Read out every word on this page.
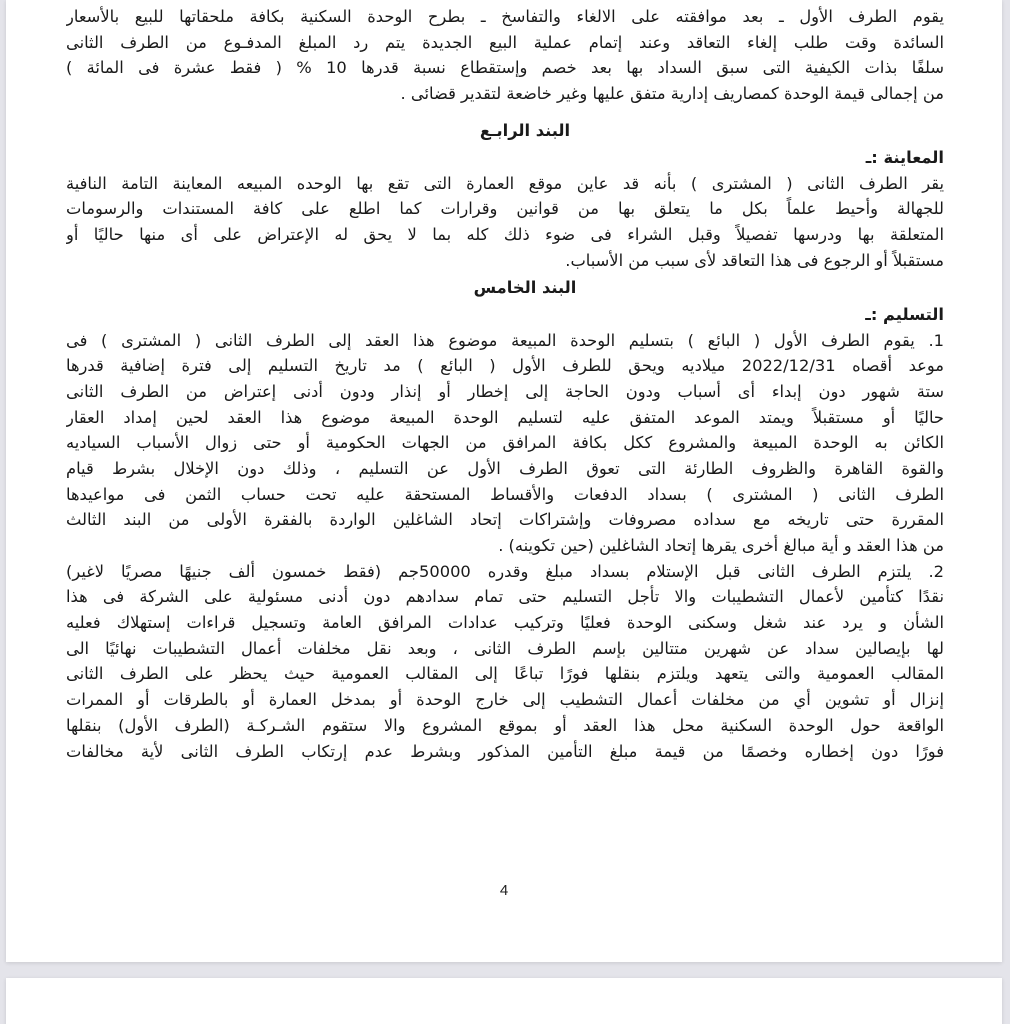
يقوم الطرف الأول ـ بعد موافقته على الالغاء والتفاسخ ـ بطرح الوحدة السكنية بكافة ملحقاتها للبيع بالأسعار
السائدة وقت طلب إلغاء التعاقد وعند إتمام عملية البيع الجديدة يتم رد المبلغ المدفـوع من الطرف الثانى
سلفًا بذات الكيفية التى سبق السداد بها بعد خصم وإستقطاع نسبة قدرها 10 % ( فقط عشرة فى المائة )
من إجمالى قيمة الوحدة كمصاريف إدارية متفق عليها وغير خاضعة لتقدير قضائى .
البند الرابـع
المعاينة :ـ
يقر الطرف الثانى ( المشترى ) بأنه قد عاين موقع العمارة التى تقع بها الوحده المبيعه المعاينة التامة النافية
للجهالة وأحيط علماً بكل ما يتعلق بها من قوانين وقرارات كما اطلع على كافة المستندات والرسومات
المتعلقة بها ودرسها تفصيلاً وقبل الشراء فى ضوء ذلك كله بما لا يحق له الإعتراض على أى منها حاليًا أو
مستقبلاً أو الرجوع فى هذا التعاقد لأى سبب من الأسباب.
البند الخامس
التسليم :ـ
1. يقوم الطرف الأول ( البائع ) بتسليم الوحدة المبيعة موضوع هذا العقد إلى الطرف الثانى ( المشترى ) فى
موعد أقصاه 2022/12/31 ميلاديه ويحق للطرف الأول ( البائع ) مد تاريخ التسليم إلى فترة إضافية قدرها
ستة شهور دون إبداء أى أسباب ودون الحاجة إلى إخطار أو إنذار ودون أدنى إعتراض من الطرف الثانى
حاليًا أو مستقبلاً ويمتد الموعد المتفق عليه لتسليم الوحدة المبيعة موضوع هذا العقد لحين إمداد العقار
الكائن به الوحدة المبيعة والمشروع ككل بكافة المرافق من الجهات الحكومية أو حتى زوال الأسباب السياديه
والقوة القاهرة والظروف الطارئة التى تعوق الطرف الأول عن التسليم ، وذلك دون الإخلال بشرط قيام
الطرف الثانى ( المشترى ) بسداد الدفعات والأقساط المستحقة عليه تحت حساب الثمن فى مواعيدها
المقررة حتى تاريخه مع سداده مصروفات وإشتراكات إتحاد الشاغلين الواردة بالفقرة الأولى من البند الثالث
من هذا العقد و أية مبالغ أخرى يقرها إتحاد الشاغلين (حين تكوينه) .
2. يلتزم الطرف الثانى قبل الإستلام بسداد مبلغ وقدره 50000جم (فقط خمسون ألف جنيهًا مصريًا لاغير)
نقدًا كتأمين لأعمال التشطيبات والا تأجل التسليم حتى تمام سدادهم دون أدنى مسئولية على الشركة فى هذا
الشأن و يرد عند شغل وسكنى الوحدة فعليًا وتركيب عدادات المرافق العامة وتسجيل قراءات إستهلاك فعليه
لها بإيصالين سداد عن شهرين متتالين بإسم الطرف الثانى ، وبعد نقل مخلفات أعمال التشطيبات نهائيًا الى
المقالب العمومية والتى يتعهد ويلتزم بنقلها فورًا تباعًا إلى المقالب العمومية حيث يحظر على الطرف الثانى
إنزال أو تشوين أي من مخلفات أعمال التشطيب إلى خارج الوحدة أو بمدخل العمارة أو بالطرقات أو الممرات
الواقعة حول الوحدة السكنية محل هذا العقد أو بموقع المشروع والا ستقوم الشـركـة (الطرف الأول) بنقلها
فورًا دون إخطاره وخصمًا من قيمة مبلغ التأمين المذكور وبشرط عدم إرتكاب الطرف الثانى لأية مخالفات
4
